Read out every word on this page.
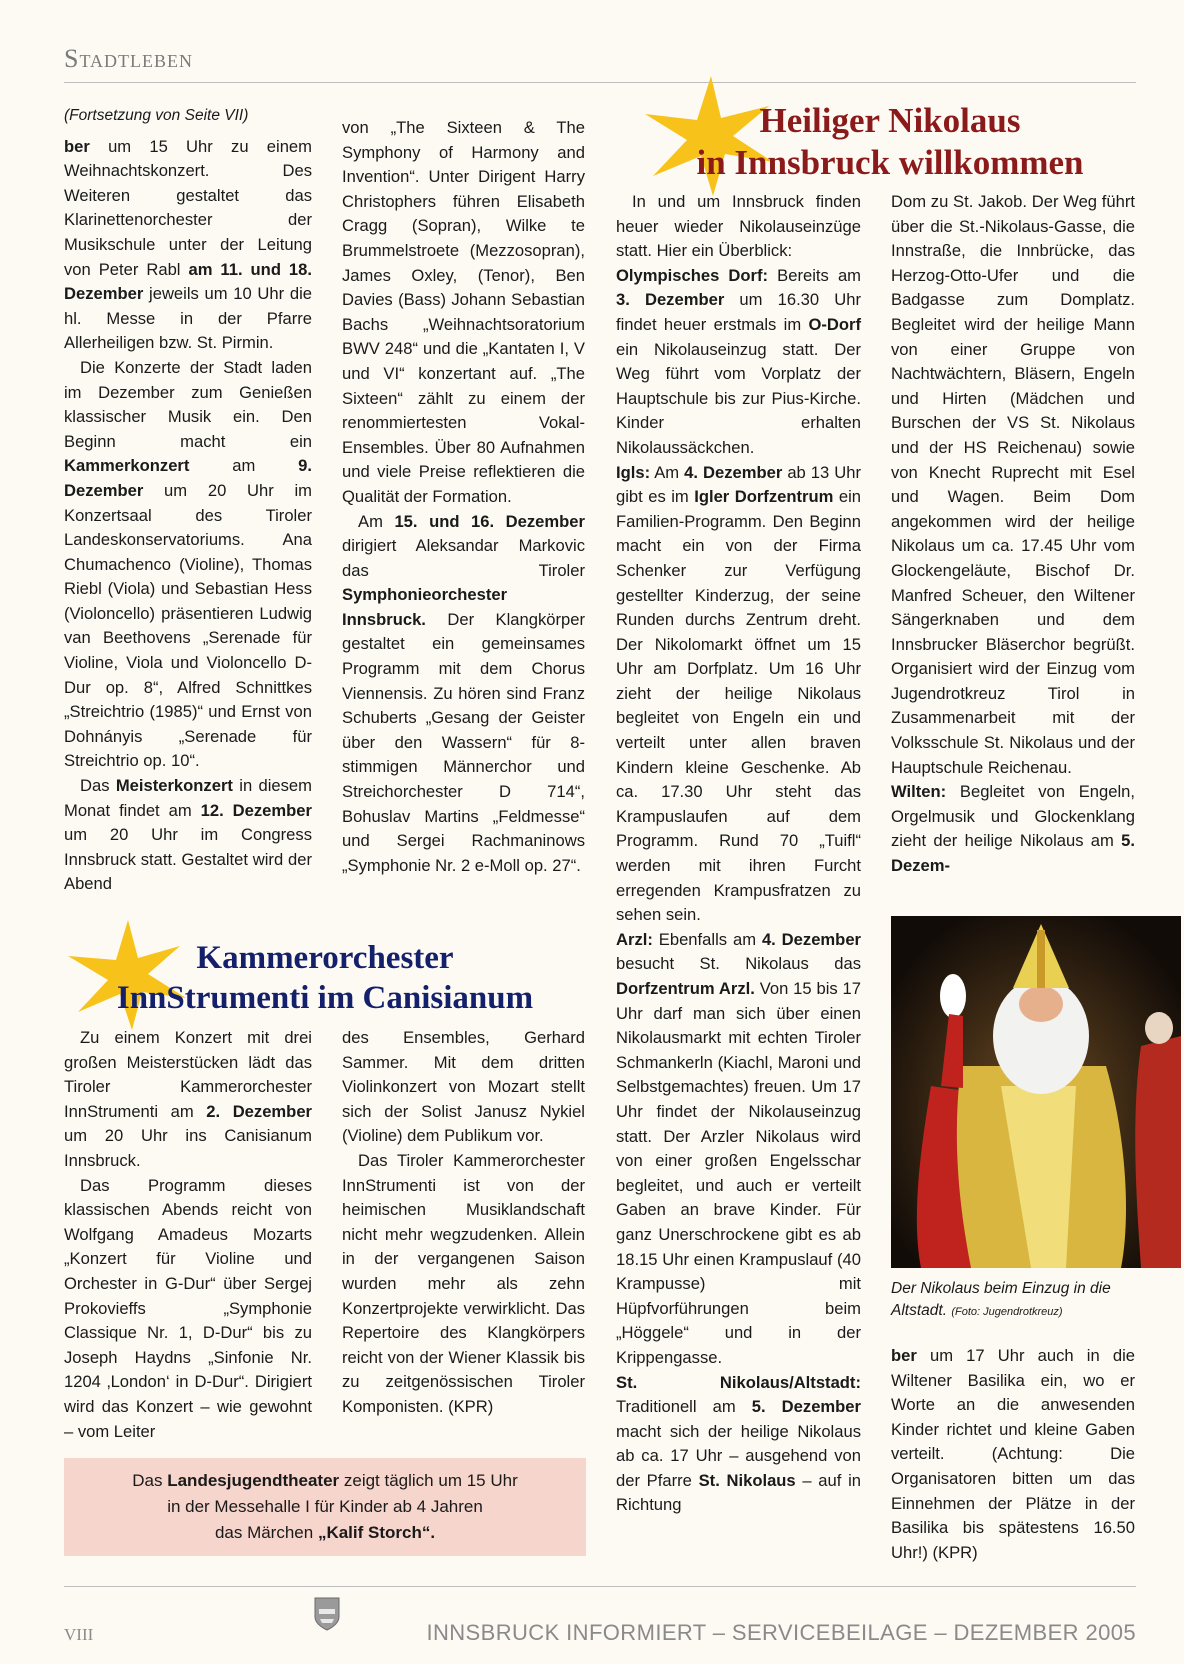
Stadtleben

(Fortsetzung von Seite VII)

ber um 15 Uhr zu einem Weihnachtskonzert. Des Weiteren gestaltet das Klarinettenorchester der Musikschule unter der Leitung von Peter Rabl am 11. und 18. Dezember jeweils um 10 Uhr die hl. Messe in der Pfarre Allerheiligen bzw. St. Pirmin.

Die Konzerte der Stadt laden im Dezember zum Genießen klassischer Musik ein. Den Beginn macht ein Kammerkonzert am 9. Dezember um 20 Uhr im Konzertsaal des Tiroler Landeskonservatoriums. Ana Chumachenco (Violine), Thomas Riebl (Viola) und Sebastian Hess (Violoncello) präsentieren Ludwig van Beethovens „Serenade für Violine, Viola und Violoncello D-Dur op. 8“, Alfred Schnittkes „Streichtrio (1985)“ und Ernst von Dohnányis „Serenade für Streichtrio op. 10“.

Das Meisterkonzert in diesem Monat findet am 12. Dezember um 20 Uhr im Congress Innsbruck statt. Gestaltet wird der Abend

von „The Sixteen & The Symphony of Harmony and Invention“. Unter Dirigent Harry Christophers führen Elisabeth Cragg (Sopran), Wilke te Brummelstroete (Mezzosopran), James Oxley, (Tenor), Ben Davies (Bass) Johann Sebastian Bachs „Weihnachtsoratorium BWV 248“ und die „Kantaten I, V und VI“ konzertant auf. „The Sixteen“ zählt zu einem der renommiertesten Vokal-Ensembles. Über 80 Aufnahmen und viele Preise reflektieren die Qualität der Formation.

Am 15. und 16. Dezember dirigiert Aleksandar Markovic das Tiroler Symphonieorchester Innsbruck. Der Klangkörper gestaltet ein gemeinsames Programm mit dem Chorus Viennensis. Zu hören sind Franz Schuberts „Gesang der Geister über den Wassern“ für 8-stimmigen Männerchor und Streichorchester D 714“, Bohuslav Martins „Feldmesse“ und Sergei Rachmaninows „Symphonie Nr. 2 e-Moll op. 27“.

Kammerorchester
InnStrumenti im Canisianum

Zu einem Konzert mit drei großen Meisterstücken lädt das Tiroler Kammerorchester InnStrumenti am 2. Dezember um 20 Uhr ins Canisianum Innsbruck.

Das Programm dieses klassischen Abends reicht von Wolfgang Amadeus Mozarts „Konzert für Violine und Orchester in G-Dur“ über Sergej Prokovieffs „Symphonie Classique Nr. 1, D-Dur“ bis zu Joseph Haydns „Sinfonie Nr. 1204 ‚London‘ in D-Dur“. Dirigiert wird das Konzert – wie gewohnt – vom Leiter

des Ensembles, Gerhard Sammer. Mit dem dritten Violinkonzert von Mozart stellt sich der Solist Janusz Nykiel (Violine) dem Publikum vor.

Das Tiroler Kammerorchester InnStrumenti ist von der heimischen Musiklandschaft nicht mehr wegzudenken. Allein in der vergangenen Saison wurden mehr als zehn Konzertprojekte verwirklicht. Das Repertoire des Klangkörpers reicht von der Wiener Klassik bis zu zeitgenössischen Tiroler Komponisten. (KPR)

Das Landesjugendtheater zeigt täglich um 15 Uhr
in der Messehalle I für Kinder ab 4 Jahren
das Märchen „Kalif Storch“.
Heiliger Nikolaus
in Innsbruck willkommen

In und um Innsbruck finden heuer wieder Nikolauseinzüge statt. Hier ein Überblick:

Olympisches Dorf: Bereits am 3. Dezember um 16.30 Uhr findet heuer erstmals im O-Dorf ein Nikolauseinzug statt. Der Weg führt vom Vorplatz der Hauptschule bis zur Pius-Kirche. Kinder erhalten Nikolaussäckchen.

Igls: Am 4. Dezember ab 13 Uhr gibt es im Igler Dorfzentrum ein Familien-Programm. Den Beginn macht ein von der Firma Schenker zur Verfügung gestellter Kinderzug, der seine Runden durchs Zentrum dreht. Der Nikolomarkt öffnet um 15 Uhr am Dorfplatz. Um 16 Uhr zieht der heilige Nikolaus begleitet von Engeln ein und verteilt unter allen braven Kindern kleine Geschenke. Ab ca. 17.30 Uhr steht das Krampuslaufen auf dem Programm. Rund 70 „Tuifl“ werden mit ihren Furcht erregenden Krampusfratzen zu sehen sein.

Arzl: Ebenfalls am 4. Dezember besucht St. Nikolaus das Dorfzentrum Arzl. Von 15 bis 17 Uhr darf man sich über einen Nikolausmarkt mit echten Tiroler Schmankerln (Kiachl, Maroni und Selbstgemachtes) freuen. Um 17 Uhr findet der Nikolauseinzug statt. Der Arzler Nikolaus wird von einer großen Engelsschar begleitet, und auch er verteilt Gaben an brave Kinder. Für ganz Unerschrockene gibt es ab 18.15 Uhr einen Krampuslauf (40 Krampusse) mit Hüpfvorführungen beim „Höggele“ und in der Krippengasse.

St. Nikolaus/Altstadt: Traditionell am 5. Dezember macht sich der heilige Nikolaus ab ca. 17 Uhr – ausgehend von der Pfarre St. Nikolaus – auf in Richtung

Dom zu St. Jakob. Der Weg führt über die St.-Nikolaus-Gasse, die Innstraße, die Innbrücke, das Herzog-Otto-Ufer und die Badgasse zum Domplatz. Begleitet wird der heilige Mann von einer Gruppe von Nachtwächtern, Bläsern, Engeln und Hirten (Mädchen und Burschen der VS St. Nikolaus und der HS Reichenau) sowie von Knecht Ruprecht mit Esel und Wagen. Beim Dom angekommen wird der heilige Nikolaus um ca. 17.45 Uhr vom Glockengeläute, Bischof Dr. Manfred Scheuer, den Wiltener Sängerknaben und dem Innsbrucker Bläserchor begrüßt. Organisiert wird der Einzug vom Jugendrotkreuz Tirol in Zusammenarbeit mit der Volksschule St. Nikolaus und der Hauptschule Reichenau.

Wilten: Begleitet von Engeln, Orgelmusik und Glockenklang zieht der heilige Nikolaus am 5. Dezem-

Der Nikolaus beim Einzug in die Altstadt. (Foto: Jugendrotkreuz)

ber um 17 Uhr auch in die Wiltener Basilika ein, wo er Worte an die anwesenden Kinder richtet und kleine Gaben verteilt. (Achtung: Die Organisatoren bitten um das Einnehmen der Plätze in der Basilika bis spätestens 16.50 Uhr!) (KPR)

VIII	INNSBRUCK INFORMIERT – SERVICEBEILAGE – DEZEMBER 2005
